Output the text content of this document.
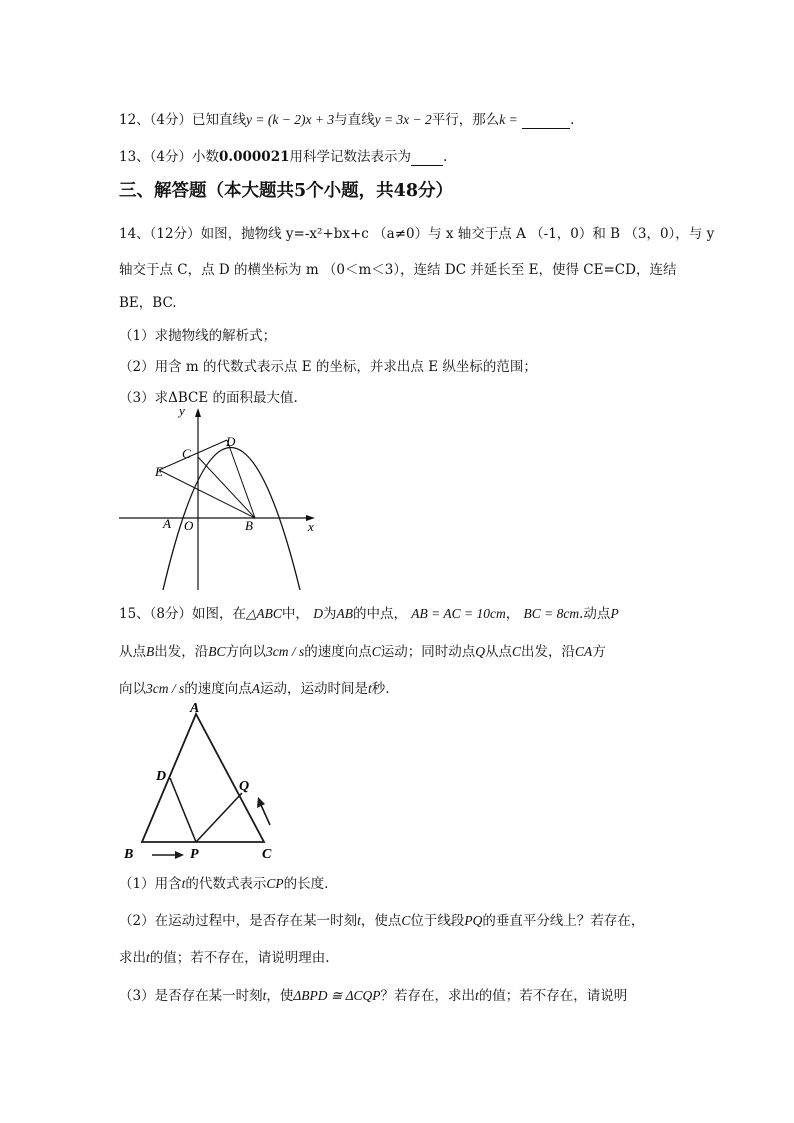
12、（4分）已知直线y = (k − 2)x + 3与直线y = 3x − 2平行，那么k =	.
13、（4分）小数0.000021用科学记数法表示为 .
三、解答题（本大题共5个小题，共48分）
14、（12分）如图，抛物线 y=-x²+bx+c （a≠0）与 x 轴交于点 A （-1，0）和 B （3，0），与 y
轴交于点 C，点 D 的横坐标为 m （0＜m＜3），连结 DC 并延长至 E，使得 CE=CD，连结
BE，BC.
（1）求抛物线的解析式；
（2）用含 m 的代数式表示点 E 的坐标，并求出点 E 纵坐标的范围；
（3）求ΔBCE 的面积最大值.
y
x
C
D
E
A O	B
15、（8分）如图，在△ABC中， D为AB的中点， AB = AC = 10cm， BC = 8cm.动点P
从点B出发，沿BC方向以3cm / s的速度向点C运动；同时动点Q从点C出发，沿CA方
向以3cm / s的速度向点A运动，运动时间是t秒.
A
D
Q
B	P	C
（1）用含t的代数式表示CP的长度.
（2）在运动过程中，是否存在某一时刻t，使点C位于线段PQ的垂直平分线上？若存在，
求出t的值；若不存在，请说明理由.
（3）是否存在某一时刻t，使ΔBPD ≅ ΔCQP？若存在，求出t的值；若不存在，请说明
